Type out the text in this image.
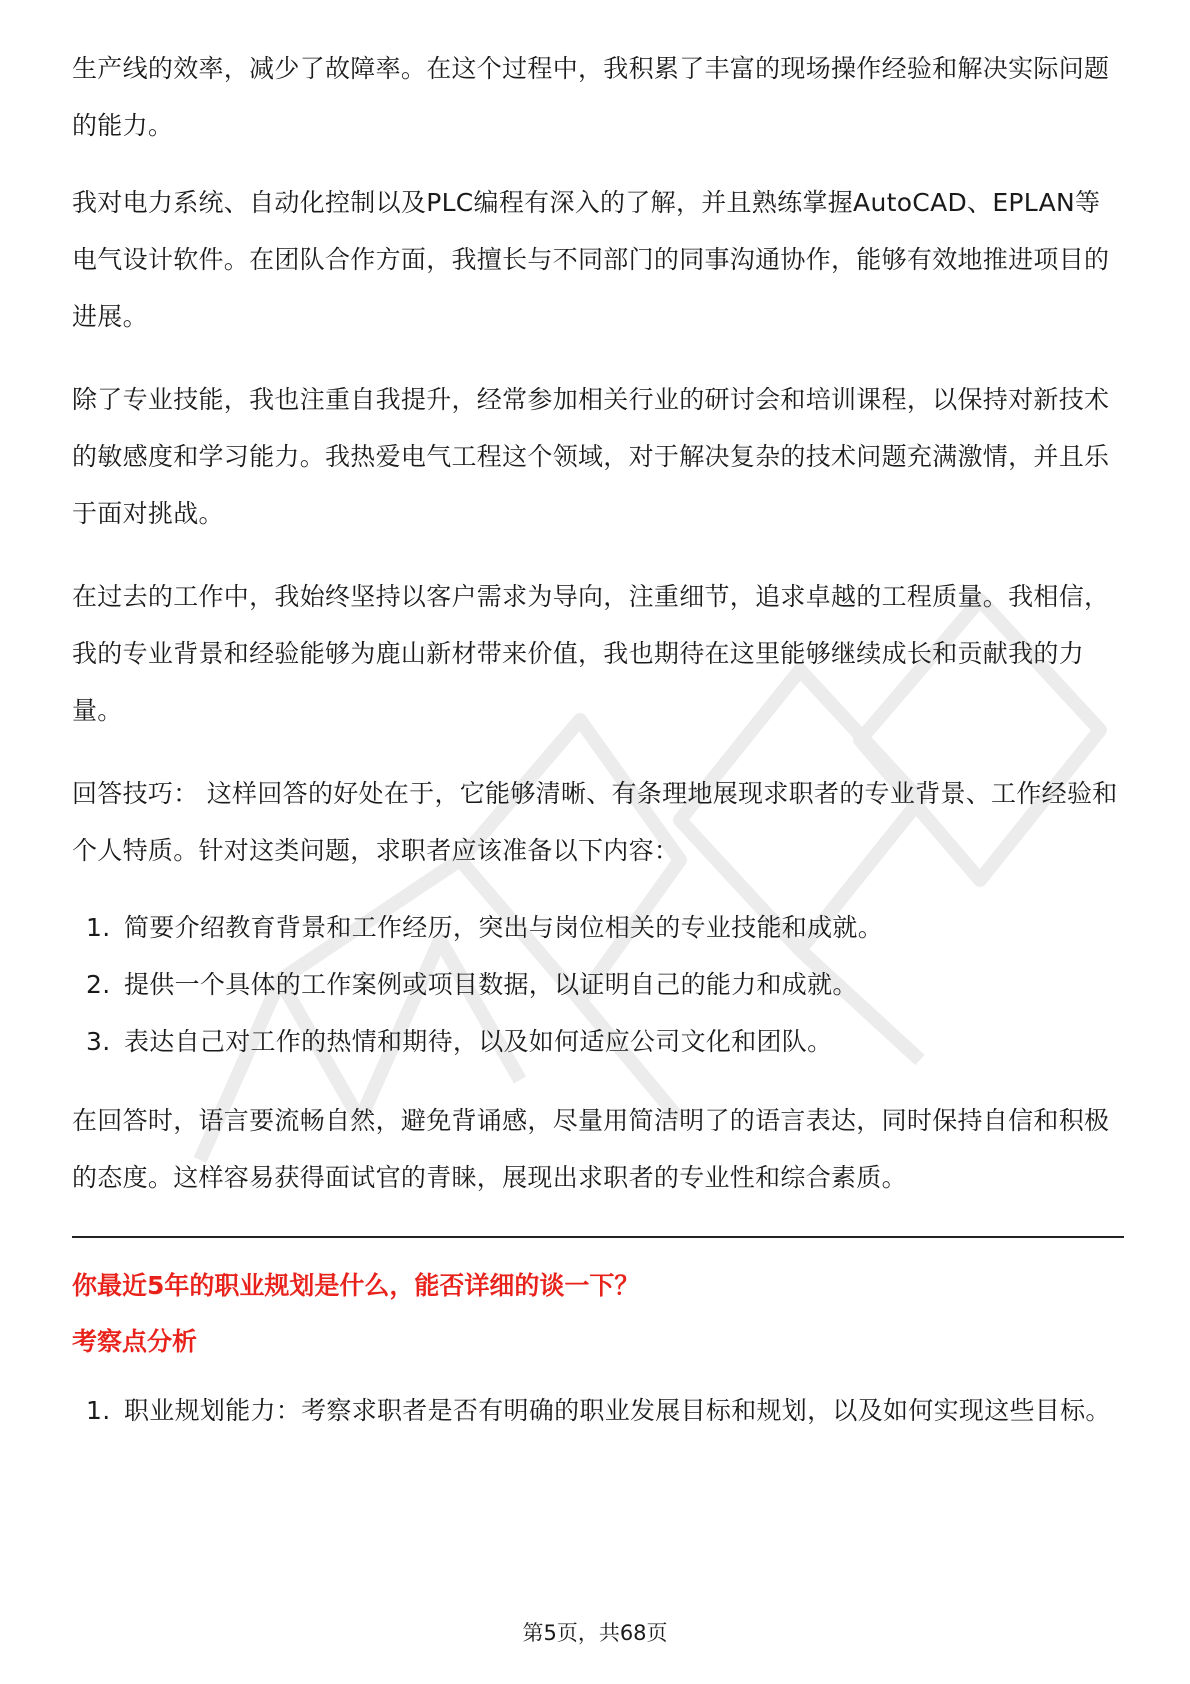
生产线的效率，减少了故障率。在这个过程中，我积累了丰富的现场操作经验和解决实际问题的能力。

我对电力系统、自动化控制以及PLC编程有深入的了解，并且熟练掌握AutoCAD、EPLAN等电气设计软件。在团队合作方面，我擅长与不同部门的同事沟通协作，能够有效地推进项目的进展。

除了专业技能，我也注重自我提升，经常参加相关行业的研讨会和培训课程，以保持对新技术的敏感度和学习能力。我热爱电气工程这个领域，对于解决复杂的技术问题充满激情，并且乐于面对挑战。

在过去的工作中，我始终坚持以客户需求为导向，注重细节，追求卓越的工程质量。我相信，我的专业背景和经验能够为鹿山新材带来价值，我也期待在这里能够继续成长和贡献我的力量。

回答技巧： 这样回答的好处在于，它能够清晰、有条理地展现求职者的专业背景、工作经验和个人特质。针对这类问题，求职者应该准备以下内容：

1. 简要介绍教育背景和工作经历，突出与岗位相关的专业技能和成就。
2. 提供一个具体的工作案例或项目数据，以证明自己的能力和成就。
3. 表达自己对工作的热情和期待，以及如何适应公司文化和团队。

在回答时，语言要流畅自然，避免背诵感，尽量用简洁明了的语言表达，同时保持自信和积极的态度。这样容易获得面试官的青睐，展现出求职者的专业性和综合素质。

你最近5年的职业规划是什么，能否详细的谈一下？

考察点分析

1. 职业规划能力：考察求职者是否有明确的职业发展目标和规划，以及如何实现这些目标。
第5页，共68页
